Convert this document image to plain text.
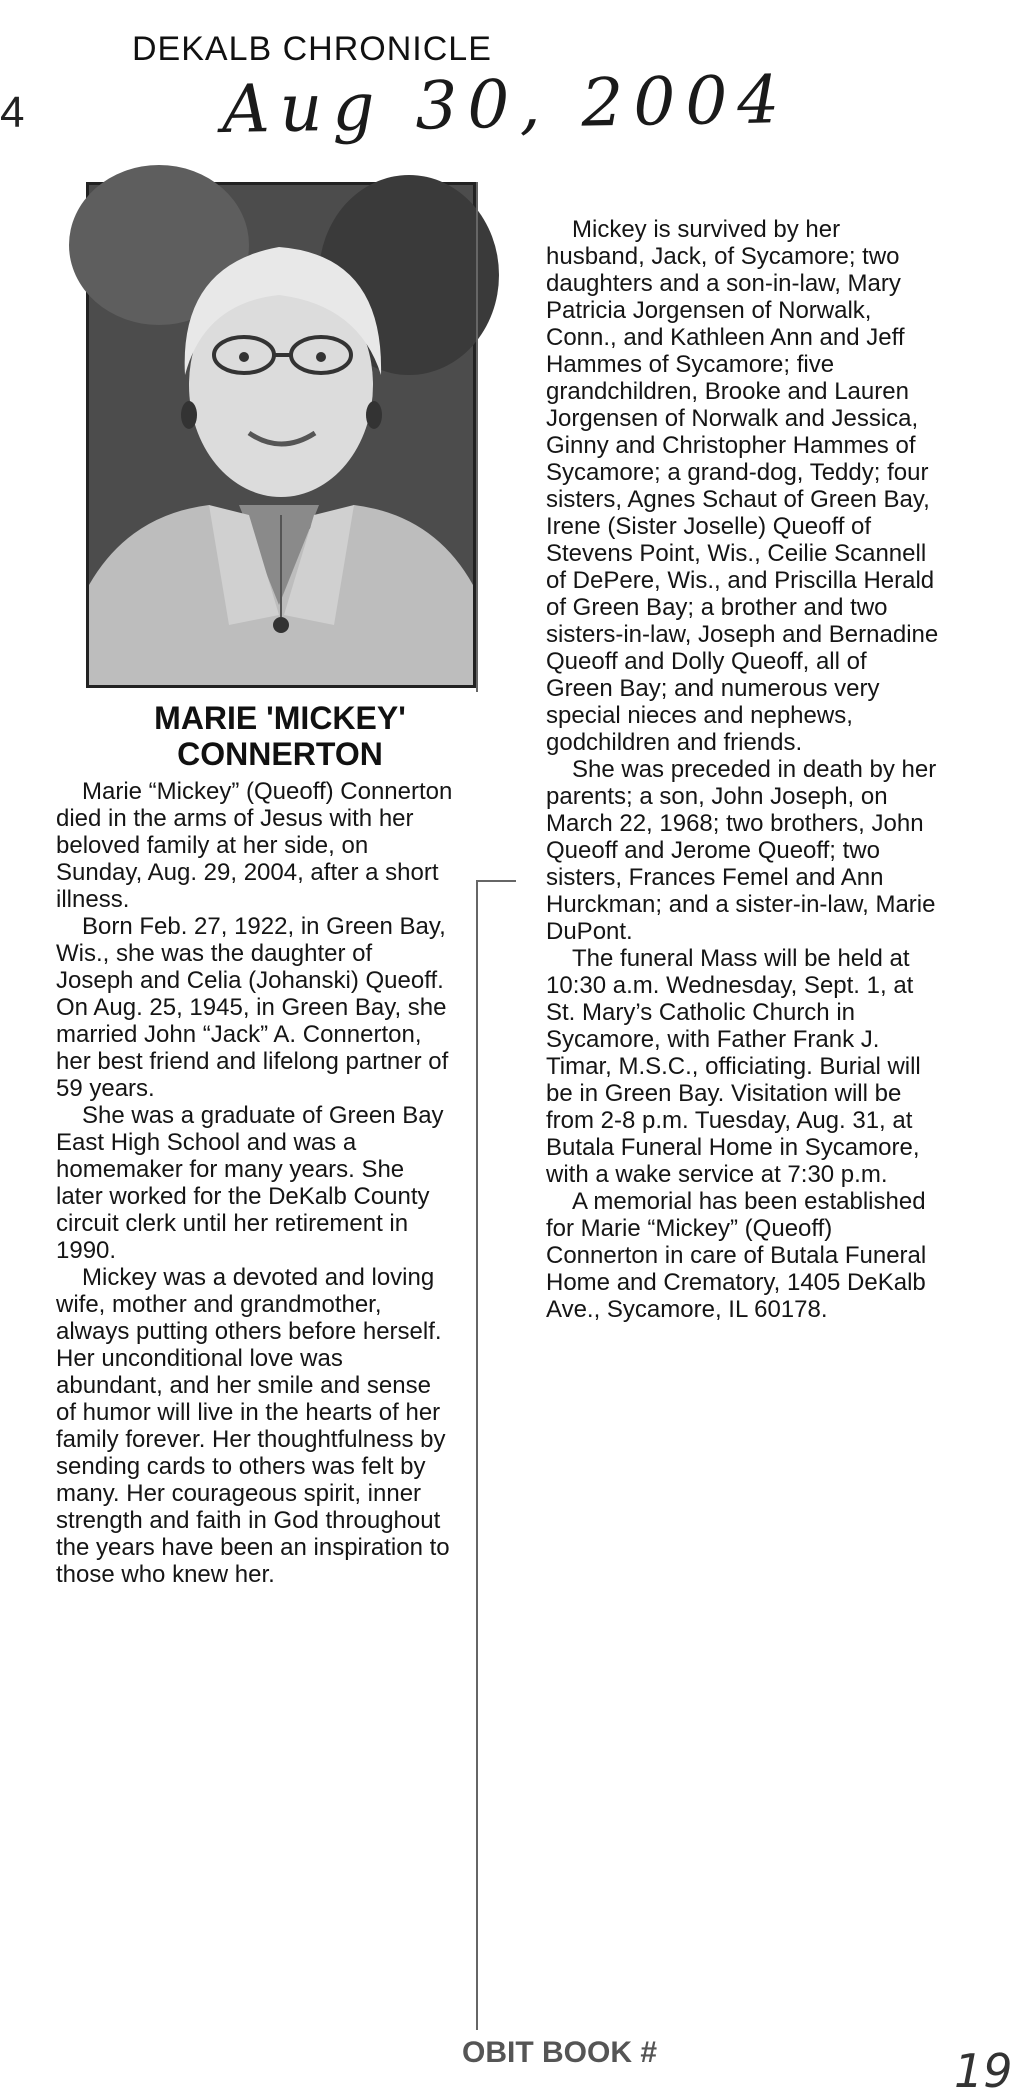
DEKALB CHRONICLE
Aug 30, 2004
4
MARIE 'MICKEY'
CONNERTON

Marie “Mickey” (Queoff) Connerton died in the arms of Jesus with her beloved family at her side, on Sunday, Aug. 29, 2004, after a short illness.

Born Feb. 27, 1922, in Green Bay, Wis., she was the daughter of Joseph and Celia (Johanski) Queoff. On Aug. 25, 1945, in Green Bay, she married John “Jack” A. Connerton, her best friend and lifelong partner of 59 years.

She was a graduate of Green Bay East High School and was a homemaker for many years. She later worked for the DeKalb County circuit clerk until her retirement in 1990.

Mickey was a devoted and loving wife, mother and grandmother, always putting others before herself. Her unconditional love was abundant, and her smile and sense of humor will live in the hearts of her family forever. Her thoughtfulness by sending cards to others was felt by many. Her courageous spirit, inner strength and faith in God throughout the years have been an inspiration to those who knew her.

Mickey is survived by her husband, Jack, of Sycamore; two daughters and a son-in-law, Mary Patricia Jorgensen of Norwalk, Conn., and Kathleen Ann and Jeff Hammes of Sycamore; five grandchildren, Brooke and Lauren Jorgensen of Norwalk and Jessica, Ginny and Christopher Hammes of Sycamore; a grand-dog, Teddy; four sisters, Agnes Schaut of Green Bay, Irene (Sister Joselle) Queoff of Stevens Point, Wis., Ceilie Scannell of DePere, Wis., and Priscilla Herald of Green Bay; a brother and two sisters-in-law, Joseph and Bernadine Queoff and Dolly Queoff, all of Green Bay; and numerous very special nieces and nephews, godchildren and friends.

She was preceded in death by her parents; a son, John Joseph, on March 22, 1968; two brothers, John Queoff and Jerome Queoff; two sisters, Frances Femel and Ann Hurckman; and a sister-in-law, Marie DuPont.

The funeral Mass will be held at 10:30 a.m. Wednesday, Sept. 1, at St. Mary’s Catholic Church in Sycamore, with Father Frank J. Timar, M.S.C., officiating. Burial will be in Green Bay. Visitation will be from 2-8 p.m. Tuesday, Aug. 31, at Butala Funeral Home in Sycamore, with a wake service at 7:30 p.m.

A memorial has been established for Marie “Mickey” (Queoff) Connerton in care of Butala Funeral Home and Crematory, 1405 DeKalb Ave., Sycamore, IL 60178.

OBIT BOOK #	19
